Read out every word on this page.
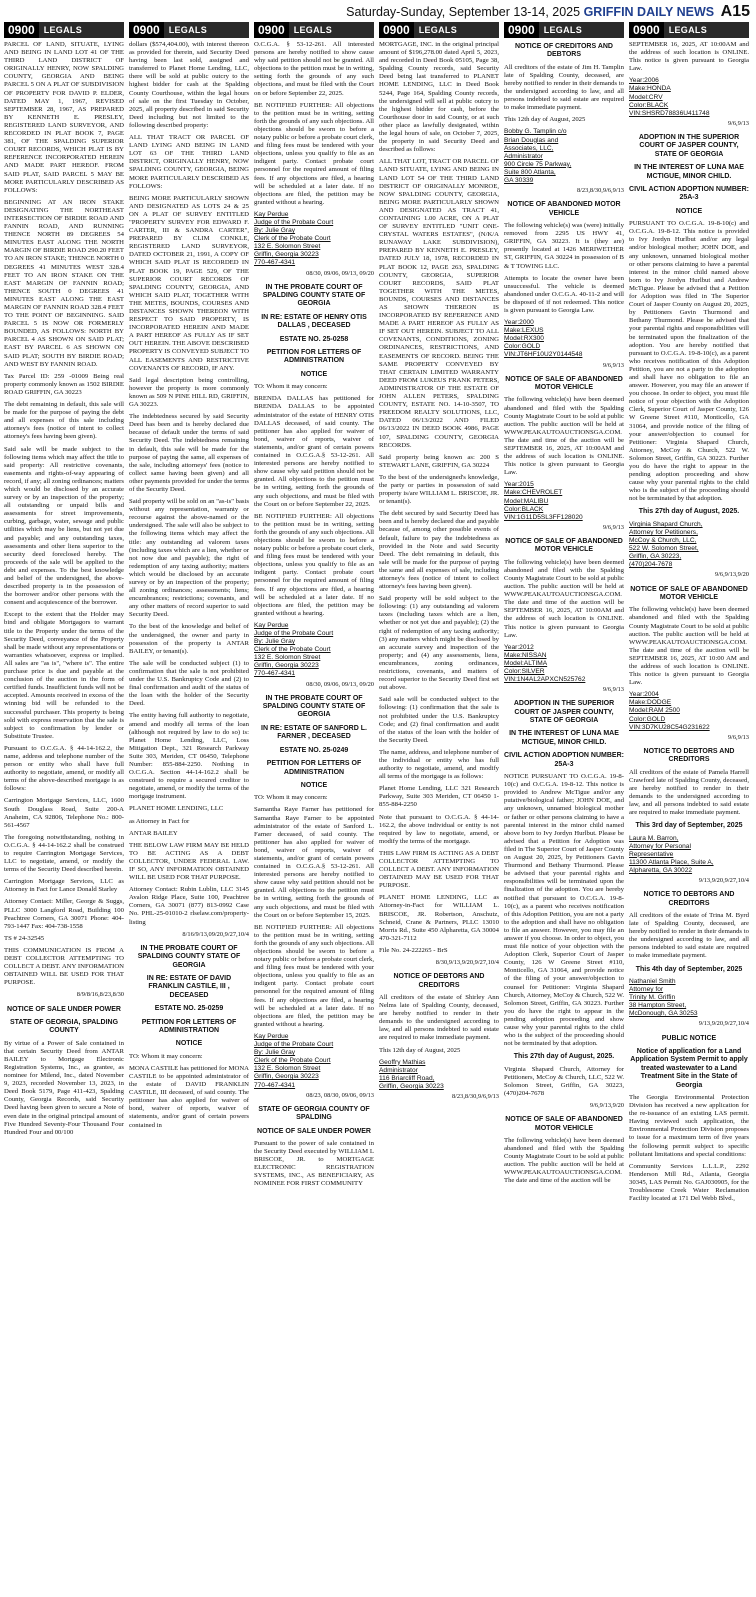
Saturday-Sunday, September 13-14, 2025 GRIFFIN DAILY NEWS A15
0900	LEGALS

PARCEL OF LAND, SITUATE, LYING AND BEING IN LAND LOT 41 OF THE THIRD LAND DISTRICT OF ORIGINALLY HENRY, NOW SPALDING COUNTY, GEORGIA AND BEING PARCEL 5 ON A PLAT OF SUBDIVISION OF PROPERTY FOR DAVID P. ELDER, DATED MAY 1, 1967, REVISED SEPTEMBER 28, 1967, AS PREPARED BY KENNETH E. PRESLEY, REGISTERED LAND SURVEYOR, AND RECORDED IN PLAT BOOK 7, PAGE 381, OF THE SPALDING SUPERIOR COURT RECORDS, WHICH PLAT IS BY REFERENCE INCORPORATED HEREIN AND MADE PART HEREOF. FROM SAID PLAT, SAID PARCEL 5 MAY BE MORE PARTICULARLY DESCRIBED AS FOLLOWS:

BEGINNING AT AN IRON STAKE DESIGNATING THE NORTHEAST INTERSECTION OF BIRDIE ROAD AND FANNIN ROAD, AND RUNNING THENCE NORTH 89 DEGREES 54 MINUTES EAST ALONG THE NORTH MARGIN OF BIRDIE ROAD 290.20 FEET TO AN IRON STAKE; THENCE NORTH 0 DEGREES 41 MINUTES WEST 328.4 FEET TO AN IRON STAKE ON THE EAST MARGIN OF FANNIN ROAD; THENCE SOUTH 0 DEGREES 41 MINUTES EAST ALONG THE EAST MARGIN OF FANNIN ROAD 328.4 FEET TO THE POINT OF BEGINNING. SAID PARCEL 5 IS NOW OR FORMERLY BOUNDED, AS FOLLOWS: NORTH BY PARCEL 4 AS SHOWN ON SAID PLAT; EAST BY PARCEL 6 AS SHOWN ON SAID PLAT; SOUTH BY BIRDIE ROAD; AND WEST BY FANNIN ROAD.

Tax Parcel ID: 259 -01009 Being real property commonly known as 1502 BIRDIE ROAD GRIFFIN, GA 30223

The debt remaining in default, this sale will be made for the purpose of paying the debt and all expenses of this sale including attorney's fees (notice of intent to collect attorney's fees having been given).

Said sale will be made subject to the following items which may affect the title to said property: All restrictive covenants, easements and rights-of-way appearing of record, if any; all zoning ordinances; matters which would be disclosed by an accurate survey or by an inspection of the property; all outstanding or unpaid bills and assessments for street improvements, curbing, garbage, water, sewage and public utilities which may be liens, but not yet due and payable; and any outstanding taxes, assessments and other liens superior to the security deed foreclosed hereby. The proceeds of the sale will be applied to the debt and expenses. To the best knowledge and belief of the undersigned, the above-described property is in the possession of the borrower and/or other persons with the consent and acquiescence of the borrower.

Except to the extent that the Holder may bind and obligate Mortgagors to warrant title to the Property under the terms of the Security Deed, conveyance of the Property shall be made without any representations or warranties whatsoever, express or implied. All sales are "as is", "where is". The entire purchase price is due and payable at the conclusion of the auction in the form of certified funds. Insufficient funds will not be accepted. Amounts received in excess of the winning bid will be refunded to the successful purchaser. This property is being sold with express reservation that the sale is subject to confirmation by lender or Substitute Trustee.

Pursuant to O.C.G.A. § 44-14-162.2, the name, address and telephone number of the person or entity who shall have full authority to negotiate, amend, or modify all terms of the above-described mortgage is as follows:

Carrington Mortgage Services, LLC, 1600 South Douglass Road, Suite 200-A Anaheim, CA 92806, Telephone No.: 800-561-4567

The foregoing notwithstanding, nothing in O.C.G.A. § 44-14-162.2 shall be construed to require Carrington Mortgage Services, LLC to negotiate, amend, or modify the terms of the Security Deed described herein.

Carrington Mortgage Services, LLC as Attorney in Fact for Lance Donald Starley

Attorney Contact: Miller, George & Suggs, PLLC 3000 Langford Road, Building 100 Peachtree Corners, GA 30071 Phone: 404-793-1447 Fax: 404-738-1558

TS # 24-32545

THIS COMMUNICATION IS FROM A DEBT COLLECTOR ATTEMPTING TO COLLECT A DEBT. ANY INFORMATION OBTAINED WILL BE USED FOR THAT PURPOSE.

8/9/8/16,8/23,8/30

NOTICE OF SALE UNDER POWER

STATE OF GEORGIA, SPALDING COUNTY

By virtue of a Power of Sale contained in that certain Security Deed from ANTAR BAILEY to Mortgage Electronic Registration Systems, Inc., as grantee, as nominee for Milend, Inc., dated November 9, 2023, recorded November 13, 2023, in Deed Book 5179, Page 411-423, Spalding County, Georgia Records, said Security Deed having been given to secure a Note of even date in the original principal amount of Five Hundred Seventy-Four Thousand Four Hundred Four and 00/100

0900	LEGALS

dollars ($574,404.00), with interest thereon as provided for therein, said Security Deed having been last sold, assigned and transferred to Planet Home Lending, LLC, there will be sold at public outcry to the highest bidder for cash at the Spalding County Courthouse, within the legal hours of sale on the first Tuesday in October, 2025, all property described in said Security Deed including but not limited to the following described property:

ALL THAT TRACT OR PARCEL OF LAND LYING AND BEING IN LAND LOT 63 OF THE THIRD LAND DISTRICT, ORIGINALLY HENRY, NOW SPALDING COUNTY, GEORGIA, BEING MORE PARTICULARLY DESCRIBED AS FOLLOWS:

BEING MORE PARTICULARLY SHOWN AND DESIGNATED AS LOTS 24 & 25 ON A PLAT OF SURVEY ENTITLED "PROPERTY SURVEY FOR EDWARD F. CARTER, III & SANDRA CARTER", PREPARED BY CLIM CONKLE, REGISTERED LAND SURVEYOR, DATED OCTOBER 21, 1991, A COPY OF WHICH SAID PLAT IS RECORDED IN PLAT BOOK 19, PAGE 529, OF THE SUPERIOR COURT RECORDS OF SPALDING COUNTY, GEORGIA, AND WHICH SAID PLAT, TOGETHER WITH THE METES, BOUNDS, COURSES AND DISTANCES SHOWN THEREON WITH RESPECT TO SAID PROPERTY, IS INCORPORATED HEREIN AND MADE A PART HEREOF AS FULLY AS IF SET OUT HEREIN. THE ABOVE DESCRIBED PROPERTY IS CONVEYED SUBJECT TO ALL EASEMENTS AND RESTRICTIVE COVENANTS OF RECORD, IF ANY.

Said legal description being controlling, however the property is more commonly known as 509 N PINE HILL RD, GRIFFIN, GA 30223.

The indebtedness secured by said Security Deed has been and is hereby declared due because of default under the terms of said Security Deed. The indebtedness remaining in default, this sale will be made for the purpose of paying the same, all expenses of the sale, including attorneys' fees (notice to collect same having been given) and all other payments provided for under the terms of the Security Deed.

Said property will be sold on an "as-is" basis without any representation, warranty or recourse against the above-named or the undersigned. The sale will also be subject to the following items which may affect the title: any outstanding ad valorem taxes (including taxes which are a lien, whether or not now due and payable); the right of redemption of any taxing authority; matters which would be disclosed by an accurate survey or by an inspection of the property; all zoning ordinances; assessments; liens; encumbrances; restrictions; covenants, and any other matters of record superior to said Security Deed.

To the best of the knowledge and belief of the undersigned, the owner and party in possession of the property is ANTAR BAILEY, or tenant(s).

The sale will be conducted subject (1) to confirmation that the sale is not prohibited under the U.S. Bankruptcy Code and (2) to final confirmation and audit of the status of the loan with the holder of the Security Deed.

The entity having full authority to negotiate, amend and modify all terms of the loan (although not required by law to do so) is: Planet Home Lending, LLC, Loss Mitigation Dept., 321 Research Parkway Suite 303, Meriden, CT 06450, Telephone Number: 855-884-2250. Nothing in O.C.G.A. Section 44-14-162.2 shall be construed to require a secured creditor to negotiate, amend, or modify the terms of the mortgage instrument.

PLANET HOME LENDING, LLC

as Attorney in Fact for

ANTAR BAILEY

THE BELOW LAW FIRM MAY BE HELD TO BE ACTING AS A DEBT COLLECTOR, UNDER FEDERAL LAW. IF SO, ANY INFORMATION OBTAINED WILL BE USED FOR THAT PURPOSE.

Attorney Contact: Rubin Lublin, LLC 3145 Avalon Ridge Place, Suite 100, Peachtree Corners, GA 30071 (877) 813-0992 Case No. PHL-25-01010-2 rlselaw.com/property-listing

8/16/9/13,09/20,9/27,10/4

IN THE PROBATE COURT OF SPALDING COUNTY STATE OF GEORGIA

IN RE: ESTATE OF DAVID FRANKLIN CASTILE, III , DECEASED

ESTATE NO. 25-0259

PETITION FOR LETTERS OF ADMINISTRATION

NOTICE

TO: Whom it may concern:

MONA CASTILE has petitioned for MONA CASTILE to be appointed administrator of the estate of DAVID FRANKLIN CASTILE, III deceased, of said county. The petitioner has also applied for waiver of bond, waiver of reports, waiver of statements, and/or grant of certain powers contained in

0900	LEGALS

O.C.G.A. § 53-12-261. All interested persons are hereby notified to show cause why said petition should not be granted. All objections to the petition must be in writing, setting forth the grounds of any such objections, and must be filed with the Court on or before September 22, 2025.

BE NOTIFIED FURTHER: All objections to the petition must be in writing, setting forth the grounds of any such objections. All objections should be sworn to before a notary public or before a probate court clerk, and filing fees must be tendered with your objections, unless you qualify to file as an indigent party. Contact probate court personnel for the required amount of filing fees. If any objections are filed, a hearing will be scheduled at a later date. If no objections are filed, the petition may be granted without a hearing.

Kay Perdue

Judge of the Probate Court

By: Julie Gray

Clerk of the Probate Court

132 E. Solomon Street

Griffin, Georgia 30223

770-467-4341

08/30, 09/06, 09/13, 09/20

IN THE PROBATE COURT OF SPALDING COUNTY STATE OF GEORGIA

IN RE: ESTATE OF HENRY OTIS DALLAS , DECEASED

ESTATE NO. 25-0258

PETITION FOR LETTERS OF ADMINISTRATION

NOTICE

TO: Whom it may concern:

BRENDA DALLAS has petitioned for BRENDA DALLAS to be appointed administrator of the estate of HENRY OTIS DALLAS deceased, of said county. The petitioner has also applied for waiver of bond, waiver of reports, waiver of statements, and/or grant of certain powers contained in O.C.G.A.§ 53-12-261. All interested persons are hereby notified to show cause why said petition should not be granted. All objections to the petition must be in writing, setting forth the grounds of any such objections, and must be filed with the Court on or before September 22, 2025.

BE NOTIFIED FURTHER: All objections to the petition must be in writing, setting forth the grounds of any such objections. All objections should be sworn to before a notary public or before a probate court clerk, and filing fees must be tendered with your objections, unless you qualify to file as an indigent party. Contact probate court personnel for the required amount of filing fees. If any objections are filed, a hearing will be scheduled at a later date. If no objections are filed, the petition may be granted without a hearing.

Kay Perdue

Judge of the Probate Court

By: Julie Gray

Clerk of the Probate Court

132 E. Solomon Street

Griffin, Georgia 30223

770-467-4341

08/30, 09/06, 09/13, 09/20

IN THE PROBATE COURT OF SPALDING COUNTY STATE OF GEORGIA

IN RE: ESTATE OF SANFORD L. FARNER , DECEASED

ESTATE NO. 25-0249

PETITION FOR LETTERS OF ADMINISTRATION

NOTICE

TO: Whom it may concern:

Samantha Raye Farner has petitioned for Samantha Raye Farner to be appointed administrator of the estate of Sanford L. Farner deceased, of said county. The petitioner has also applied for waiver of bond, waiver of reports, waiver of statements, and/or grant of certain powers contained in O.C.G.A.§ 53-12-261. All interested persons are hereby notified to show cause why said petition should not be granted. All objections to the petition must be in writing, setting forth the grounds of any such objections, and must be filed with the Court on or before September 15, 2025.

BE NOTIFIED FURTHER: All objections to the petition must be in writing, setting forth the grounds of any such objections. All objections should be sworn to before a notary public or before a probate court clerk, and filing fees must be tendered with your objections, unless you qualify to file as an indigent party. Contact probate court personnel for the required amount of filing fees. If any objections are filed, a hearing will be scheduled at a later date. If no objections are filed, the petition may be granted without a hearing.

Kay Perdue

Judge of the Probate Court

By: Julie Gray

Clerk of the Probate Court

132 E. Solomon Street

Griffin, Georgia 30223

770-467-4341

08/23, 08/30, 09/06, 09/13

STATE OF GEORGIA COUNTY OF SPALDING

NOTICE OF SALE UNDER POWER

Pursuant to the power of sale contained in the Security Deed executed by WILLIAM L BRISCOE, JR. to MORTGAGE ELECTRONIC REGISTRATION SYSTEMS, INC., AS BENEFICIARY, AS NOMINEE FOR FIRST COMMUNITY

0900	LEGALS

MORTGAGE, INC. in the original principal amount of $196,278.00 dated April 5, 2023, and recorded in Deed Book 05105, Page 38, Spalding County records, said Security Deed being last transferred to PLANET HOME LENDING, LLC in Deed Book 5244, Page 164, Spalding County records, the undersigned will sell at public outcry to the highest bidder for cash, before the Courthouse door in said County, or at such other place as lawfully designated, within the legal hours of sale, on October 7, 2025, the property in said Security Deed and described as follows:

ALL THAT LOT, TRACT OR PARCEL OF LAND SITUATE, LYING AND BEING IN LAND LOT 54 OF THE THIRD LAND DISTRICT OF ORIGINALLY MONROE, NOW SPALDING COUNTY, GEORGIA, BEING MORE PARTICULARLY SHOWN AND DESIGNATED AS TRACT 41, CONTAINING 1.00 ACRE, ON A PLAT OF SURVEY ENTITLED "UNIT ONE-CRYSTAL WATERS ESTATES", (N/K/A RUNAWAY LAKE SUBDIVISION), PREPARED BY KENNETH E. PRESLEY, DATED JULY 18, 1978, RECORDED IN PLAT BOOK 12, PAGE 263, SPALDING COUNTY, GEORGIA, SUPERIOR COURT RECORDS, SAID PLAT TOGETHER WITH THE METES, BOUNDS, COURSES AND DISTANCES AS SHOWN THEREON IS INCORPORATED BY REFERENCE AND MADE A PART HEREOF AS FULLY AS IF SET OUT HEREIN. SUBJECT TO ALL COVENANTS, CONDITIONS, ZONING ORDINANCES, RESTRICTIONS, AND EASEMENTS OF RECORD. BEING THE SAME PROPERTY CONVEYED BY THAT CERTAIN LIMITED WARRANTY DEED FROM LUKEUS FRANK PETERS, ADMINISTRATOR OF THE ESTATE OF JOHN ALLEN PETERS, SPALDING COUNTY, ESTATE NO. 14-10-3507, TO FREEDOM REALTY SOLUTIONS, LLC, DATED 06/13/2022 AND FILED 06/13/2022 IN DEED BOOK 4986, PAGE 107, SPALDING COUNTY, GEORGIA RECORDS.

Said property being known as: 200 S STEWART LANE, GRIFFIN, GA 30224

To the best of the undersigned's knowledge, the party or parties in possession of said property is/are WILLIAM L. BRISCOE, JR. or tenant(s).

The debt secured by said Security Deed has been and is hereby declared due and payable because of, among other possible events of default, failure to pay the indebtedness as provided in the Note and said Security Deed. The debt remaining in default, this sale will be made for the purpose of paying the same and all expenses of sale, including attorney's fees (notice of intent to collect attorney's fees having been given).

Said property will be sold subject to the following: (1) any outstanding ad valorem taxes (including taxes which are a lien, whether or not yet due and payable); (2) the right of redemption of any taxing authority; (3) any matters which might be disclosed by an accurate survey and inspection of the property; and (4) any assessments, liens, encumbrances, zoning ordinances, restrictions, covenants, and matters of record superior to the Security Deed first set out above.

Said sale will be conducted subject to the following: (1) confirmation that the sale is not prohibited under the U.S. Bankruptcy Code; and (2) final confirmation and audit of the status of the loan with the holder of the Security Deed.

The name, address, and telephone number of the individual or entity who has full authority to negotiate, amend, and modify all terms of the mortgage is as follows:

Planet Home Lending, LLC 321 Research Parkway, Suite 303 Meriden, CT 06450 1-855-884-2250

Note that pursuant to O.C.G.A. § 44-14-162.2, the above individual or entity is not required by law to negotiate, amend, or modify the terms of the mortgage.

THIS LAW FIRM IS ACTING AS A DEBT COLLECTOR ATTEMPTING TO COLLECT A DEBT. ANY INFORMATION OBTAINED MAY BE USED FOR THAT PURPOSE.

PLANET HOME LENDING, LLC as Attorney-in-Fact for WILLIAM L. BRISCOE, JR. Robertson, Anschutz, Schneid, Crane & Partners, PLLC 13010 Morris Rd., Suite 450 Alpharetta, GA 30004 470-321-7112

File No. 24-222265 - BrS

8/30,9/13,9/20,9/27,10/4

NOTICE OF DEBTORS AND CREDITORS

All creditors of the estate of Shirley Ann Nelms late of Spalding County, deceased, are hereby notified to render in their demands to the undersigned according to law, and all persons indebted to said estate are required to make immediate payment.

This 12th day of August, 2025

Geoffry Mathias

Administrator

116 Briarcliff Road,

Griffin, Georgia 30223

8/23,8/30,9/6,9/13

0900	LEGALS

NOTICE OF CREDITORS AND DEBTORS

All creditors of the estate of Jim H. Tamplin late of Spalding County, deceased, are hereby notified to render in their demands to the undersigned according to law, and all persons indebted to said estate are required to make immediate payment.

This 12th day of August, 2025

Bobby G. Tamplin c/o

Brian Douglas and

Associates, LLC,

Administrator

900 Circle 75 Parkway,

Suite 800 Atlanta,

GA 30339

8/23,8/30,9/6,9/13

NOTICE OF ABANDONED MOTOR VEHICLE

The following vehicle(s) was (were) initially removed from 2295 US HWY 41, GRIFFIN, GA 30223. It is (they are) presently located at 1426 MERIWETHER ST, GRIFFIN, GA 30224 in possession of B & T TOWING LLC.

Attempts to locate the owner have been unsuccessful. The vehicle is deemed abandoned under O.C.G.A. 40-11-2 and will be disposed of if not redeemed. This notice is given pursuant to Georgia Law.

Year:2000

Make:LEXUS

Model:RX300

Color:GOLD

VIN:JT6HF10U2Y0144548

9/6,9/13

NOTICE OF SALE OF ABANDONED MOTOR VEHICLE

The following vehicle(s) have been deemed abandoned and filed with the Spalding County Magistrate Court to be sold at public auction. The public auction will be held at WWW.PEAKAUTOAUCTIONSGA.COM. The date and time of the auction will be SEPTEMBER 16, 2025, AT 10:00AM and the address of such location is ONLINE. This notice is given pursuant to Georgia Law.

Year:2015

Make:CHEVROLET

Model:MALIBU

Color:BLACK

VIN:1G11D5SL3FF128020

9/6,9/13

NOTICE OF SALE OF ABANDONED MOTOR VEHICLE

The following vehicle(s) have been deemed abandoned and filed with the Spalding County Magistrate Court to be sold at public auction. The public auction will be held at WWW.PEAKAUTOAUCTIONSGA.COM. The date and time of the auction will be SEPTEMBER 16, 2025, AT 10:00AM and the address of such location is ONLINE. This notice is given pursuant to Georgia Law.

Year:2012

Make:NISSAN

Model:ALTIMA

Color:SILVER

VIN:1N4AL2APXCN525762

9/6,9/13

ADOPTION IN THE SUPERIOR COURT OF JASPER COUNTY, STATE OF GEORGIA

IN THE INTEREST OF LUNA MAE MCTIGUE, MINOR CHILD.

CIVIL ACTION ADOPTION NUMBER: 25A-3

NOTICE PURSUANT TO O.C.G.A. 19-8-10(c) and O.C.G.A. 19-8-12. This notice is provided to Andrew McTigue and/or any putative/biological father; JOHN DOE, and any unknown, unnamed biological mother or father or other persons claiming to have a parental interest in the minor child named above born to Ivy Jordyn Hurlbut. Please be advised that a Petition for Adoption was filed in The Superior Court of Jasper County on August 20, 2025, by Petitioners Gavin Thurmond and Bethany Thurmond. Please be advised that your parental rights and responsibilities will be terminated upon the finalization of the adoption. You are hereby notified that pursuant to O.C.G.A. 19-8-10(c), as a parent who receives notification of this Adoption Petition, you are not a party to the adoption and shall have no obligation to file an answer. However, you may file an answer if you choose. In order to object, you must file notice of your objection with the Adoption Clerk, Superior Court of Jasper County, 126 W Greene Street #110, Monticello, GA 31064, and provide notice of the filing of your answer/objection to counsel for Petitioner: Virginia Shapard Church, Attorney, McCoy & Church, 522 W. Solomon Street, Griffin, GA 30223. Further you do have the right to appear in the pending adoption proceeding and show cause why your parental rights to the child who is the subject of the proceeding should not be terminated by that adoption.

This 27th day of August, 2025.

Virginia Shapard Church, Attorney for Petitioners, McCoy & Church, LLC, 522 W. Solomon Street, Griffin, GA 30223, (470)204-7678

9/6,9/13,9/20

NOTICE OF SALE OF ABANDONED MOTOR VEHICLE

The following vehicle(s) have been deemed abandoned and filed with the Spalding County Magistrate Court to be sold at public auction. The public auction will be held at WWW.PEAKAUTOAUCTIONSGA.COM. The date and time of the auction will be

0900	LEGALS

SEPTEMBER 16, 2025, AT 10:00AM and the address of such location is ONLINE. This notice is given pursuant to Georgia Law.

Year:2006

Make:HONDA

Model:CRV

Color:BLACK

VIN:SHSRD78836U411748

9/6,9/13

ADOPTION IN THE SUPERIOR COURT OF JASPER COUNTY, STATE OF GEORGIA

IN THE INTEREST OF LUNA MAE MCTIGUE, MINOR CHILD.

CIVIL ACTION ADOPTION NUMBER: 25A-3

NOTICE

PURSUANT TO O.C.G.A. 19-8-10(c) and O.C.G.A. 19-8-12. This notice is provided to Ivy Jordyn Hurlbut and/or any legal and/or biological mother; JOHN DOE, and any unknown, unnamed biological mother or other persons claiming to have a parental interest in the minor child named above born to Ivy Jordyn Hurlbut and Andrew McTigue. Please be advised that a Petition for Adoption was filed in The Superior Court of Jasper County on August 20, 2025, by Petitioners Gavin Thurmond and Bethany Thurmond. Please be advised that your parental rights and responsibilities will be terminated upon the finalization of the adoption. You are hereby notified that pursuant to O.C.G.A. 19-8-10(c), as a parent who receives notification of this Adoption Petition, you are not a party to the adoption and shall have no obligation to file an answer. However, you may file an answer if you choose. In order to object, you must file notice of your objection with the Adoption Clerk, Superior Court of Jasper County, 126 W Greene Street #110, Monticello, GA 31064, and provide notice of the filing of your answer/objection to counsel for Petitioner: Virginia Shapard Church, Attorney, McCoy & Church, 522 W. Solomon Street, Griffin, GA 30223. Further you do have the right to appear in the pending adoption proceeding and show cause why your parental rights to the child who is the subject of the proceeding should not be terminated by that adoption.

This 27th day of August, 2025.

Virginia Shapard Church,

Attorney for Petitioners,

McCoy & Church, LLC,

522 W. Solomon Street,

Griffin, GA 30223,

(470)204-7678

9/6,9/13,9/20

NOTICE OF SALE OF ABANDONED MOTOR VEHICLE

The following vehicle(s) have been deemed abandoned and filed with the Spalding County Magistrate Court to be sold at public auction. The public auction will be held at WWW.PEAKAUTOAUCTIONSGA.COM. The date and time of the auction will be SEPTEMBER 16, 2025, AT 10:00 AM and the address of such location is ONLINE. This notice is given pursuant to Georgia Law.

Year:2004

Make:DODGE

Model:RAM 2500

Color:GOLD

VIN:3D7KU28C54G231622

9/6,9/13

NOTICE TO DEBTORS AND CREDITORS

All creditors of the estate of Pamela Harrell Crawford late of Spalding County, deceased, are hereby notified to render in their demands to the undersigned according to law, and all persons indebted to said estate are required to make immediate payment.

This 3rd day of September, 2025

Laura M. Barron,

Attorney for Personal

Representative

11300 Atlanta Place, Suite A,

Alpharetta, GA 30022

9/13,9/20,9/27,10/4

NOTICE TO DEBTORS AND CREDITORS

All creditors of the estate of Trina M. Byrd late of Spalding County, deceased, are hereby notified to render in their demands to the undersigned according to law, and all persons indebted to said estate are required to make immediate payment.

This 4th day of September, 2025

Nathaniel Smith

Attorney for

Trinity M. Griffin

38 Hampton Street,

McDonough, GA 30253

9/13,9/20,9/27,10/4

PUBLIC NOTICE

Notice of application for a Land Application System Permit to apply treated wastewater to a Land Treatment Site in the State of Georgia

The Georgia Environmental Protection Division has received a new application for the re-issuance of an existing LAS permit. Having reviewed such application, the Environmental Protection Division proposes to issue for a maximum term of five years the following permit subject to specific pollutant limitations and special conditions:

Community Services L.L.L.P., 2292 Henderson Mill Rd., Atlanta, Georgia 30345, LAS Permit No. GAJ030905, for the Troublesome Creek Water Reclamation Facility located at 171 Del Webb Blvd.,
